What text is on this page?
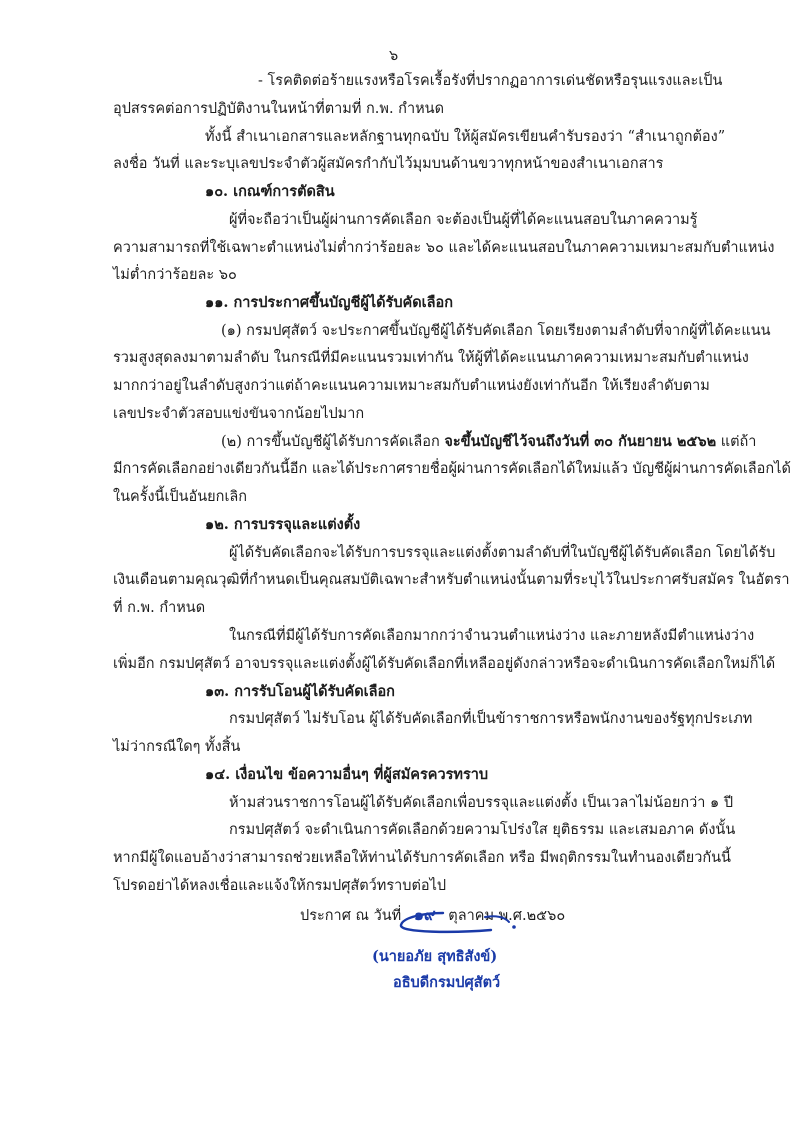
๖
- โรคติดต่อร้ายแรงหรือโรคเรื้อรังที่ปรากฏอาการเด่นชัดหรือรุนแรงและเป็น
อุปสรรคต่อการปฏิบัติงานในหน้าที่ตามที่ ก.พ. กำหนด
ทั้งนี้ สำเนาเอกสารและหลักฐานทุกฉบับ ให้ผู้สมัครเขียนคำรับรองว่า “สำเนาถูกต้อง”
ลงชื่อ วันที่ และระบุเลขประจำตัวผู้สมัครกำกับไว้มุมบนด้านขวาทุกหน้าของสำเนาเอกสาร
๑๐. เกณฑ์การตัดสิน
ผู้ที่จะถือว่าเป็นผู้ผ่านการคัดเลือก จะต้องเป็นผู้ที่ได้คะแนนสอบในภาคความรู้
ความสามารถที่ใช้เฉพาะตำแหน่งไม่ต่ำกว่าร้อยละ ๖๐ และได้คะแนนสอบในภาคความเหมาะสมกับตำแหน่ง
ไม่ต่ำกว่าร้อยละ ๖๐
๑๑. การประกาศขึ้นบัญชีผู้ได้รับคัดเลือก
(๑) กรมปศุสัตว์ จะประกาศขึ้นบัญชีผู้ได้รับคัดเลือก โดยเรียงตามลำดับที่จากผู้ที่ได้คะแนน
รวมสูงสุดลงมาตามลำดับ ในกรณีที่มีคะแนนรวมเท่ากัน ให้ผู้ที่ได้คะแนนภาคความเหมาะสมกับตำแหน่ง
มากกว่าอยู่ในลำดับสูงกว่าแต่ถ้าคะแนนความเหมาะสมกับตำแหน่งยังเท่ากันอีก ให้เรียงลำดับตาม
เลขประจำตัวสอบแข่งขันจากน้อยไปมาก
(๒) การขึ้นบัญชีผู้ได้รับการคัดเลือก จะขึ้นบัญชีไว้จนถึงวันที่ ๓๐ กันยายน ๒๕๖๒ แต่ถ้า
มีการคัดเลือกอย่างเดียวกันนี้อีก และได้ประกาศรายชื่อผู้ผ่านการคัดเลือกได้ใหม่แล้ว บัญชีผู้ผ่านการคัดเลือกได้
ในครั้งนี้เป็นอันยกเลิก
๑๒. การบรรจุและแต่งตั้ง
ผู้ได้รับคัดเลือกจะได้รับการบรรจุและแต่งตั้งตามลำดับที่ในบัญชีผู้ได้รับคัดเลือก โดยได้รับ
เงินเดือนตามคุณวุฒิที่กำหนดเป็นคุณสมบัติเฉพาะสำหรับตำแหน่งนั้นตามที่ระบุไว้ในประกาศรับสมัคร ในอัตรา
ที่ ก.พ. กำหนด
ในกรณีที่มีผู้ได้รับการคัดเลือกมากกว่าจำนวนตำแหน่งว่าง และภายหลังมีตำแหน่งว่าง
เพิ่มอีก กรมปศุสัตว์ อาจบรรจุและแต่งตั้งผู้ได้รับคัดเลือกที่เหลืออยู่ดังกล่าวหรือจะดำเนินการคัดเลือกใหม่ก็ได้
๑๓. การรับโอนผู้ได้รับคัดเลือก
กรมปศุสัตว์ ไม่รับโอน ผู้ได้รับคัดเลือกที่เป็นข้าราชการหรือพนักงานของรัฐทุกประเภท
ไม่ว่ากรณีใดๆ ทั้งสิ้น
๑๔. เงื่อนไข ข้อความอื่นๆ ที่ผู้สมัครควรทราบ
ห้ามส่วนราชการโอนผู้ได้รับคัดเลือกเพื่อบรรจุและแต่งตั้ง เป็นเวลาไม่น้อยกว่า ๑ ปี
กรมปศุสัตว์ จะดำเนินการคัดเลือกด้วยความโปร่งใส ยุติธรรม และเสมอภาค ดังนั้น
หากมีผู้ใดแอบอ้างว่าสามารถช่วยเหลือให้ท่านได้รับการคัดเลือก หรือ มีพฤติกรรมในทำนองเดียวกันนี้
โปรดอย่าได้หลงเชื่อและแจ้งให้กรมปศุสัตว์ทราบต่อไป
ประกาศ ณ วันที่ ๑๙ ตุลาคม พ.ศ.๒๕๖๐
(นายอภัย สุทธิสังข์)
อธิบดีกรมปศุสัตว์
